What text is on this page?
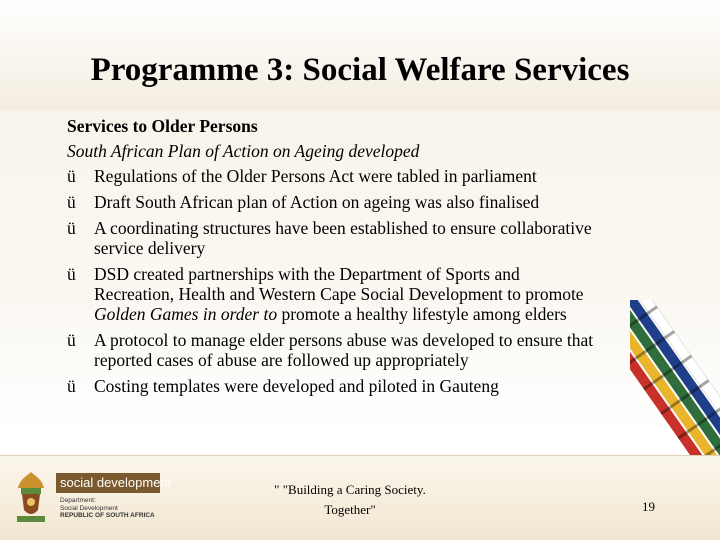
Programme 3: Social Welfare Services
Services to Older Persons
South African Plan of Action on Ageing developed
ü Regulations of the Older Persons Act were tabled in parliament
ü Draft South African plan of Action on ageing was also finalised
ü A coordinating structures have been established to ensure collaborative
service delivery
ü DSD created partnerships with the Department of Sports and
Recreation, Health and Western Cape Social Development to promote
Golden Games in order to promote a healthy lifestyle among elders
ü A protocol to manage elder persons abuse was developed to ensure that
reported cases of abuse are followed up appropriately
ü Costing templates were developed and piloted in Gauteng
social development
Department:
Social Development
REPUBLIC OF SOUTH AFRICA
" "Building a Caring Society.
Together"	19
